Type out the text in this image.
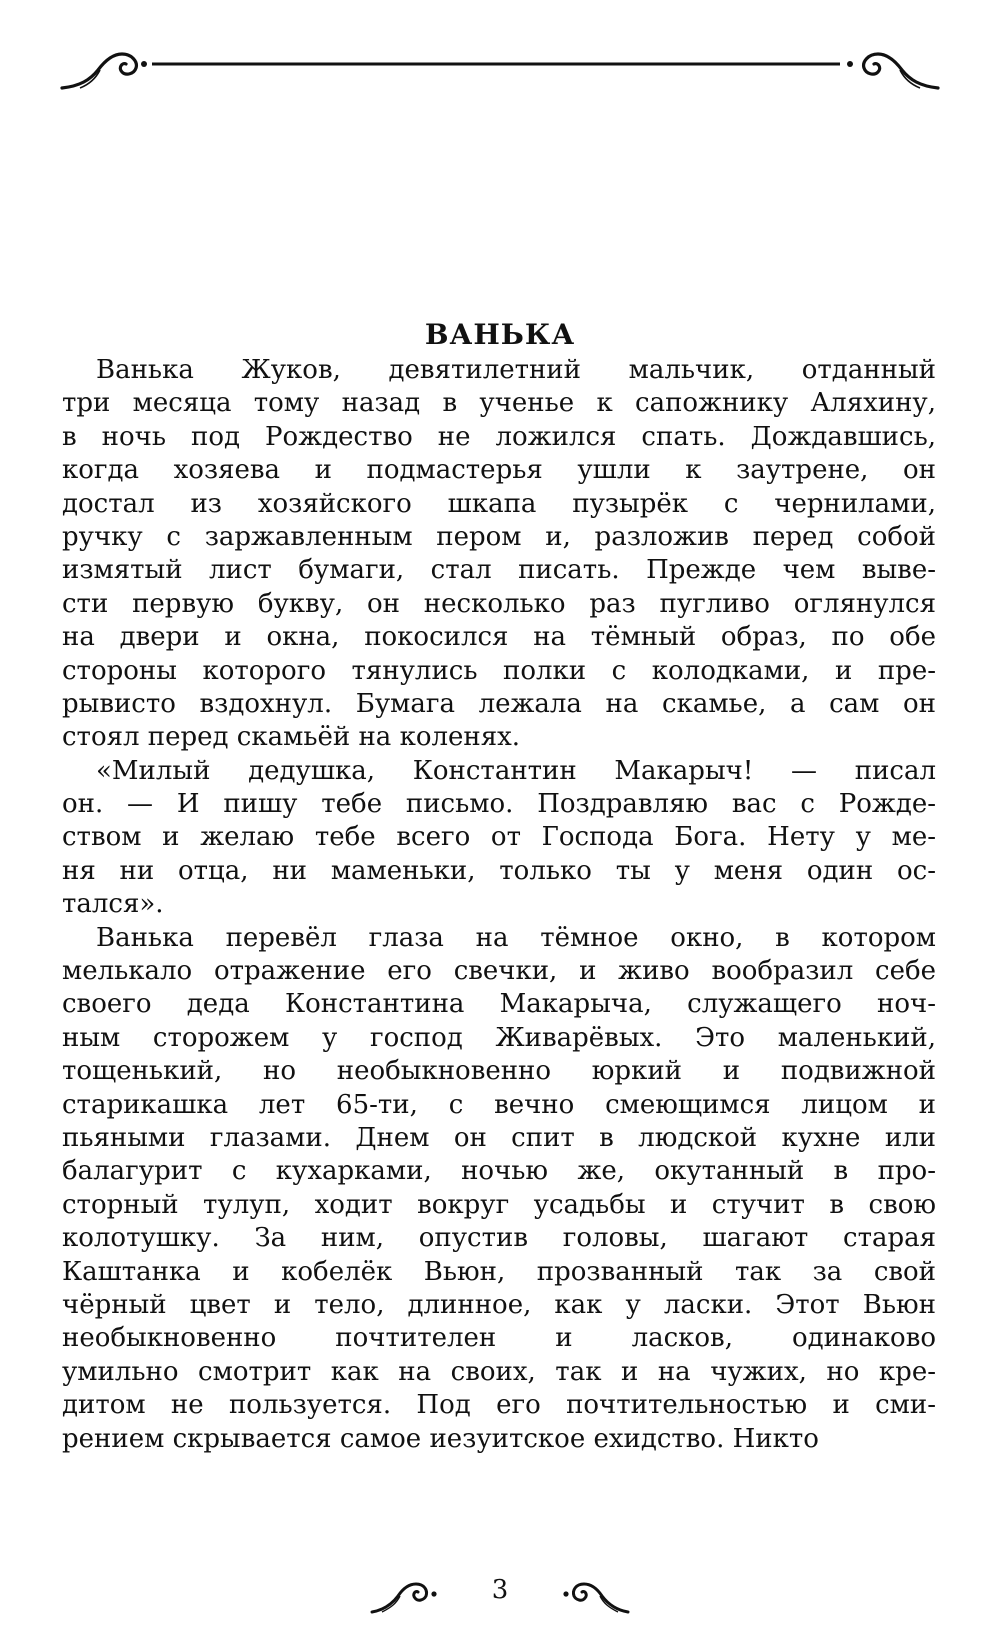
ВАНЬКА
Ванька Жуков, девятилетний мальчик, отданный
три месяца тому назад в ученье к сапожнику Аляхину,
в ночь под Рождество не ложился спать. Дождавшись,
когда хозяева и подмастерья ушли к заутрене, он
достал из хозяйского шкапа пузырёк с чернилами,
ручку с заржавленным пером и, разложив перед собой
измятый лист бумаги, стал писать. Прежде чем выве-
сти первую букву, он несколько раз пугливо оглянулся
на двери и окна, покосился на тёмный образ, по обе
стороны которого тянулись полки с колодками, и пре-
рывисто вздохнул. Бумага лежала на скамье, а сам он
стоял перед скамьёй на коленях.
«Милый дедушка, Константин Макарыч! — писал
он. — И пишу тебе письмо. Поздравляю вас с Рожде-
ством и желаю тебе всего от Господа Бога. Нету у ме-
ня ни отца, ни маменьки, только ты у меня один ос-
тался».
Ванька перевёл глаза на тёмное окно, в котором
мелькало отражение его свечки, и живо вообразил себе
своего деда Константина Макарыча, служащего ноч-
ным сторожем у господ Живарёвых. Это маленький,
тощенький, но необыкновенно юркий и подвижной
старикашка лет 65-ти, с вечно смеющимся лицом и
пьяными глазами. Днем он спит в людской кухне или
балагурит с кухарками, ночью же, окутанный в про-
сторный тулуп, ходит вокруг усадьбы и стучит в свою
колотушку. За ним, опустив головы, шагают старая
Каштанка и кобелёк Вьюн, прозванный так за свой
чёрный цвет и тело, длинное, как у ласки. Этот Вьюн
необыкновенно почтителен и ласков, одинаково
умильно смотрит как на своих, так и на чужих, но кре-
дитом не пользуется. Под его почтительностью и сми-
рением скрывается самое иезуитское ехидство. Никто
3
